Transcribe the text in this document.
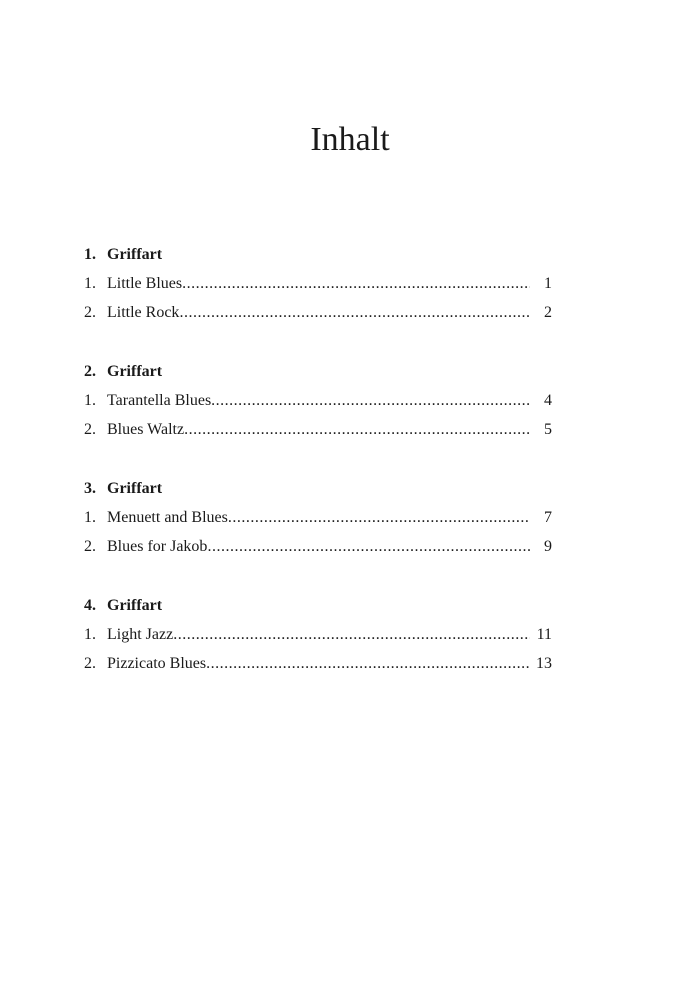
Inhalt
1. Griffart
1. Little Blues .....	1
2. Little Rock .....	2
2. Griffart
1. Tarantella Blues .....	4
2. Blues Waltz .....	5
3. Griffart
1. Menuett and Blues .....	7
2. Blues for Jakob .....	9
4. Griffart
1. Light Jazz .....	11
2. Pizzicato Blues .....	13
